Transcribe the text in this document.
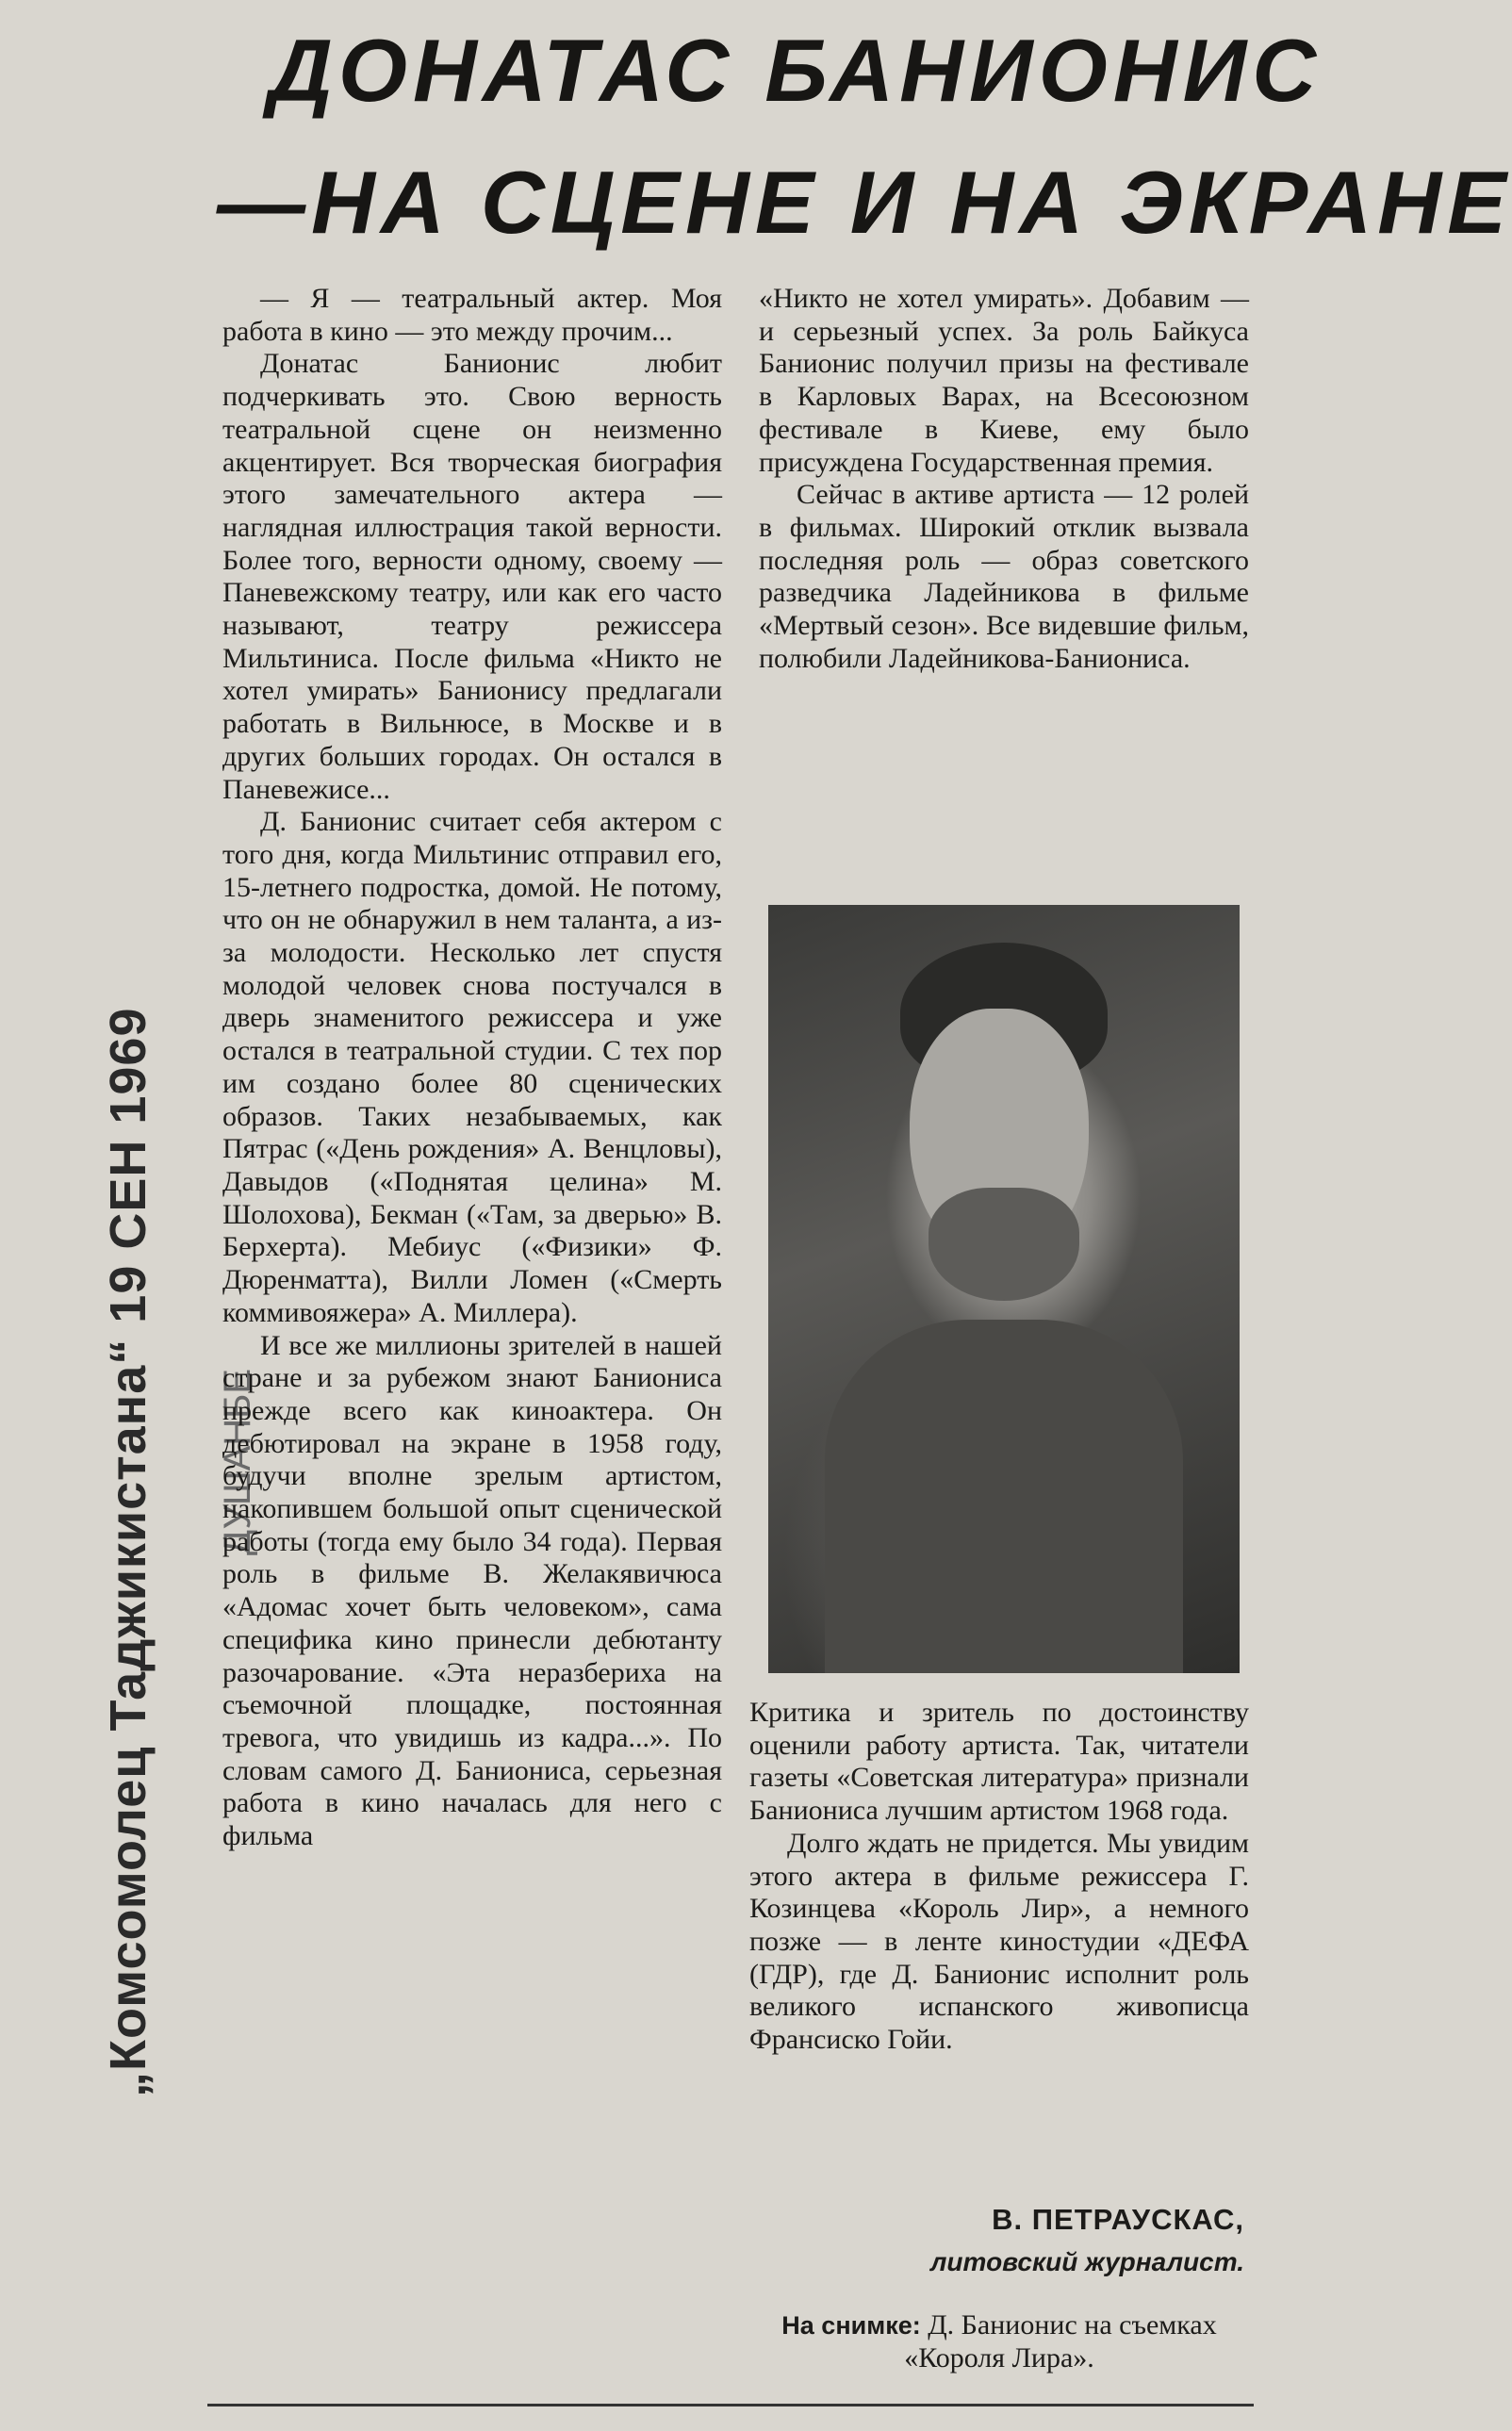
ДОНАТАС БАНИОНИС
—НА СЦЕНЕ И НА ЭКРАНЕ
„Комсомолец Таджикистана“ 19 СЕН 1969 ДУШАНБЕ

— Я — театральный актер. Моя работа в кино — это между прочим...

Донатас Банионис любит подчеркивать это. Свою верность театральной сцене он неизменно акцентирует. Вся творческая биография этого замечательного актера — наглядная иллюстрация такой верности. Более того, верности одному, своему — Паневежскому театру, или как его часто называют, театру режиссера Мильтиниса. После фильма «Никто не хотел умирать» Банионису предлагали работать в Вильнюсе, в Москве и в других больших городах. Он остался в Паневежисе...

Д. Банионис считает себя актером с того дня, когда Мильтинис отправил его, 15-летнего подростка, домой. Не потому, что он не обнаружил в нем таланта, а из-за молодости. Несколько лет спустя молодой человек снова постучался в дверь знаменитого режиссера и уже остался в театральной студии. С тех пор им создано более 80 сценических образов. Таких незабываемых, как Пятрас («День рождения» А. Венцловы), Давыдов («Поднятая целина» М. Шолохова), Бекман («Там, за дверью» В. Берхерта). Мебиус («Физики» Ф. Дюренматта), Вилли Ломен («Смерть коммивояжера» А. Миллера).

И все же миллионы зрителей в нашей стране и за рубежом знают Баниониса прежде всего как киноактера. Он дебютировал на экране в 1958 году, будучи вполне зрелым артистом, накопившем большой опыт сценической работы (тогда ему было 34 года). Первая роль в фильме В. Желакявичюса «Адомас хочет быть человеком», сама специфика кино принесли дебютанту разочарование. «Эта неразбериха на съемочной площадке, постоянная тревога, что увидишь из кадра...». По словам самого Д. Баниониса, серьезная работа в кино началась для него с фильма

«Никто не хотел умирать». Добавим — и серьезный успех. За роль Байкуса Банионис получил призы на фестивале в Карловых Варах, на Всесоюзном фестивале в Киеве, ему было присуждена Государственная премия.

Сейчас в активе артиста — 12 ролей в фильмах. Широкий отклик вызвала последняя роль — образ советского разведчика Ладейникова в фильме «Мертвый сезон». Все видевшие фильм, полюбили Ладейникова-Баниониса.

Критика и зритель по достоинству оценили работу артиста. Так, читатели газеты «Советская литература» признали Баниониса лучшим артистом 1968 года.

Долго ждать не придется. Мы увидим этого актера в фильме режиссера Г. Козинцева «Король Лир», а немного позже — в ленте киностудии «ДЕФА (ГДР), где Д. Банионис исполнит роль великого испанского живописца Франсиско Гойи.

В. ПЕТРАУСКАС,
литовский журналист.
На снимке: Д. Банионис на съемках «Короля Лира».
